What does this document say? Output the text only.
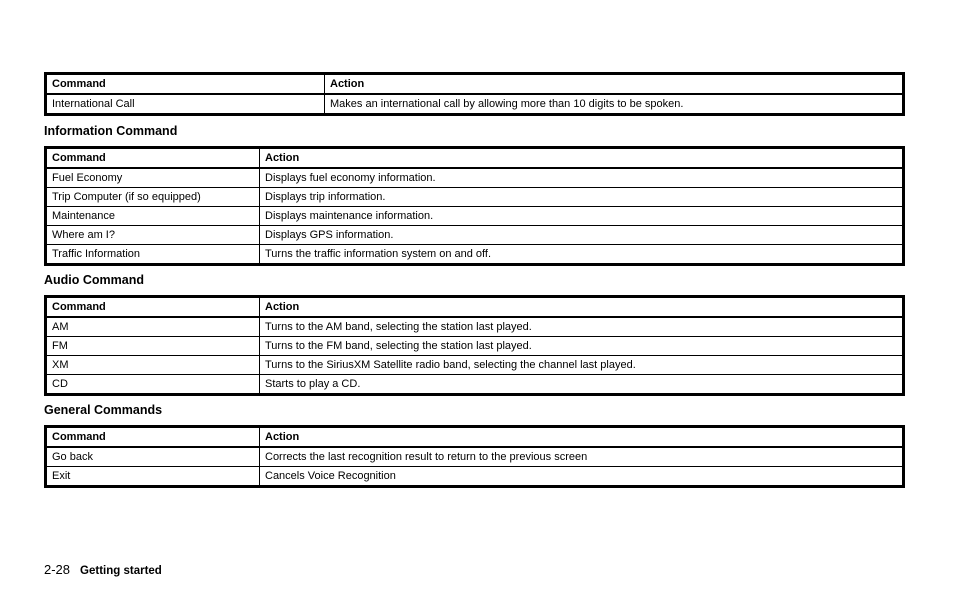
Command	Action
International Call	Makes an international call by allowing more than 10 digits to be spoken.
Information Command
Command	Action
Fuel Economy	Displays fuel economy information.
Trip Computer (if so equipped)	Displays trip information.
Maintenance	Displays maintenance information.
Where am I?	Displays GPS information.
Traffic Information	Turns the traffic information system on and off.
Audio Command
Command	Action
AM	Turns to the AM band, selecting the station last played.
FM	Turns to the FM band, selecting the station last played.
XM	Turns to the SiriusXM Satellite radio band, selecting the channel last played.
CD	Starts to play a CD.
General Commands
Command	Action
Go back	Corrects the last recognition result to return to the previous screen
Exit	Cancels Voice Recognition
2-28 Getting started
